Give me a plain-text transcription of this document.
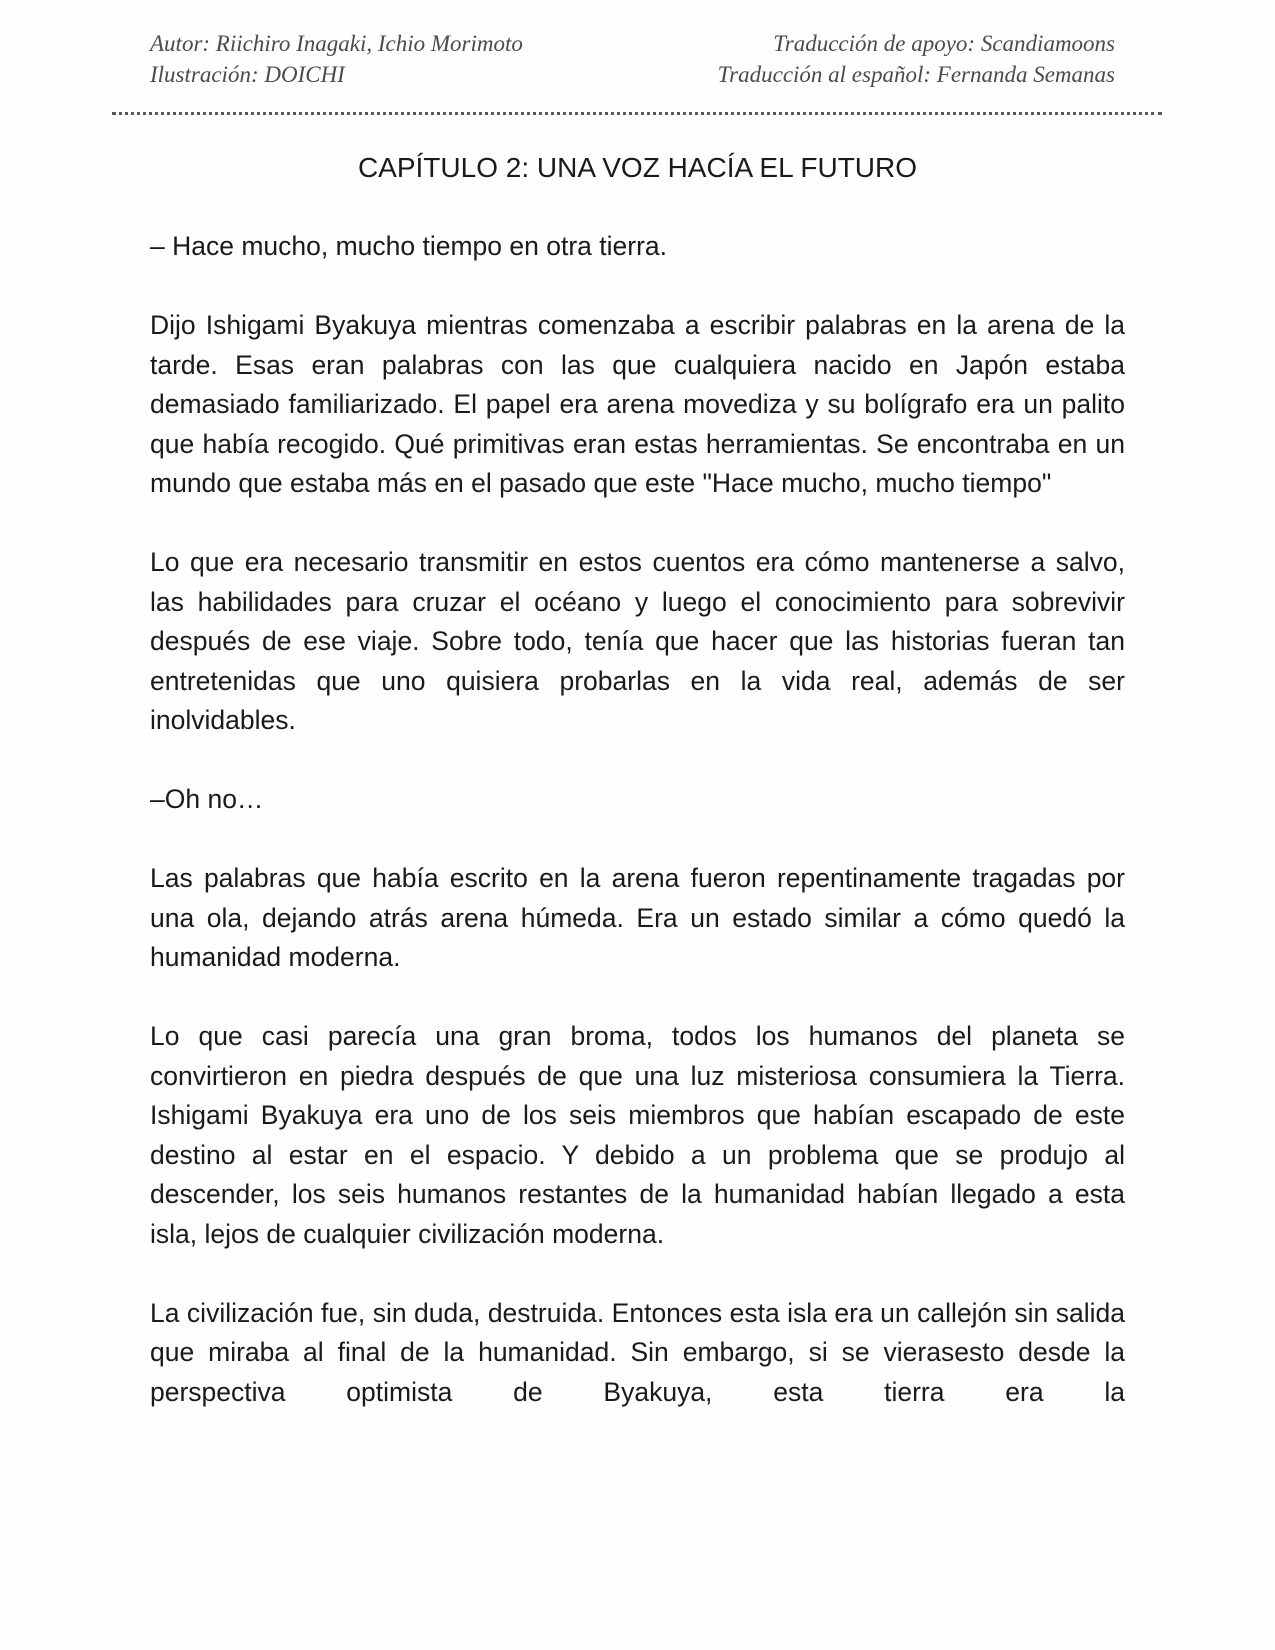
Autor: Riichiro Inagaki, Ichio Morimoto	Traducción de apoyo: Scandiamoons
Ilustración: DOICHI	Traducción al español: Fernanda Semanas
CAPÍTULO 2: UNA VOZ HACÍA EL FUTURO

– Hace mucho, mucho tiempo en otra tierra.

Dijo Ishigami Byakuya mientras comenzaba a escribir palabras en la arena de la tarde. Esas eran palabras con las que cualquiera nacido en Japón estaba demasiado familiarizado. El papel era arena movediza y su bolígrafo era un palito que había recogido. Qué primitivas eran estas herramientas. Se encontraba en un mundo que estaba más en el pasado que este "Hace mucho, mucho tiempo"

Lo que era necesario transmitir en estos cuentos era cómo mantenerse a salvo, las habilidades para cruzar el océano y luego el conocimiento para sobrevivir después de ese viaje. Sobre todo, tenía que hacer que las historias fueran tan entretenidas que uno quisiera probarlas en la vida real, además de ser inolvidables.

–Oh no…

Las palabras que había escrito en la arena fueron repentinamente tragadas por una ola, dejando atrás arena húmeda. Era un estado similar a cómo quedó la humanidad moderna.

Lo que casi parecía una gran broma, todos los humanos del planeta se convirtieron en piedra después de que una luz misteriosa consumiera la Tierra. Ishigami Byakuya era uno de los seis miembros que habían escapado de este destino al estar en el espacio. Y debido a un problema que se produjo al descender, los seis humanos restantes de la humanidad habían llegado a esta isla, lejos de cualquier civilización moderna.

La civilización fue, sin duda, destruida. Entonces esta isla era un callejón sin salida que miraba al final de la humanidad. Sin embargo, si se vierasesto desde la perspectiva optimista de Byakuya, esta tierra era la
